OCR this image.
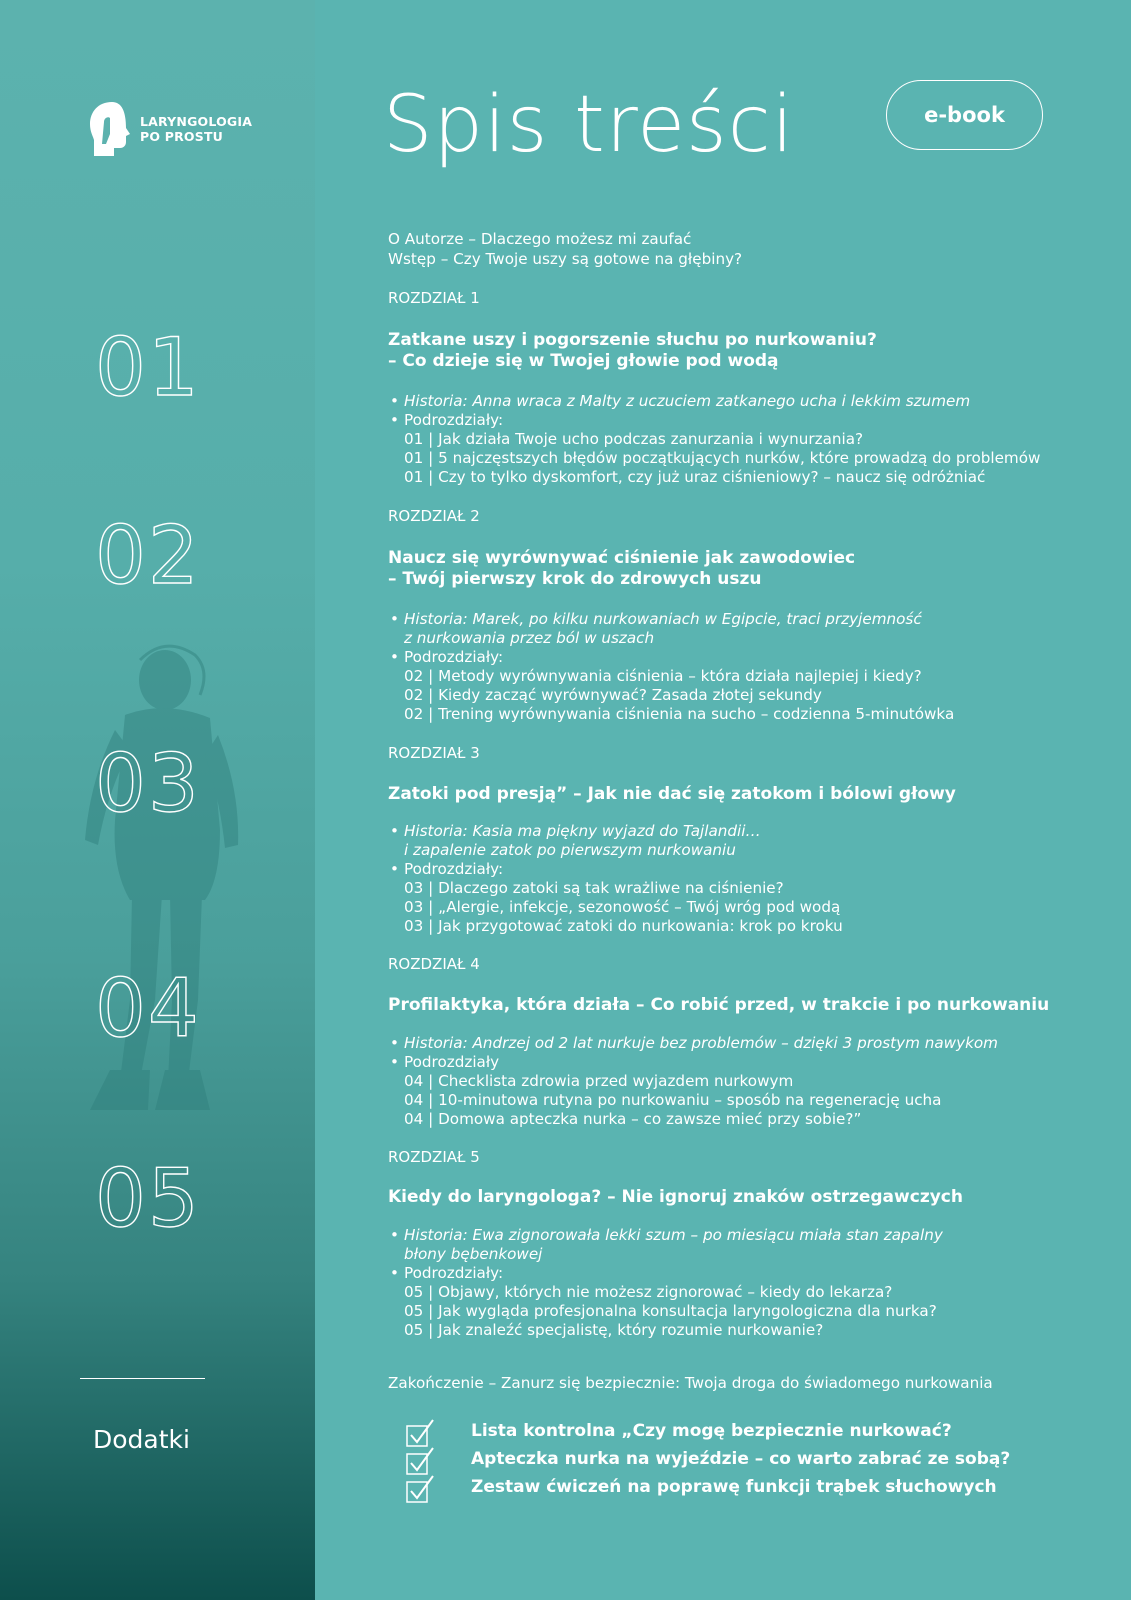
LARYNGOLOGIA
PO PROSTU
01
02
03
04
05
Dodatki
Spis treści	e-book
O Autorze – Dlaczego możesz mi zaufać
Wstęp – Czy Twoje uszy są gotowe na głębiny?
ROZDZIAŁ 1
Zatkane uszy i pogorszenie słuchu po nurkowaniu?
– Co dzieje się w Twojej głowie pod wodą
• Historia: Anna wraca z Malty z uczuciem zatkanego ucha i lekkim szumem
• Podrozdziały:
01 | Jak działa Twoje ucho podczas zanurzania i wynurzania?
01 | 5 najczęstszych błędów początkujących nurków, które prowadzą do problemów
01 | Czy to tylko dyskomfort, czy już uraz ciśnieniowy? – naucz się odróżniać
ROZDZIAŁ 2
Naucz się wyrównywać ciśnienie jak zawodowiec
– Twój pierwszy krok do zdrowych uszu
• Historia: Marek, po kilku nurkowaniach w Egipcie, traci przyjemność
z nurkowania przez ból w uszach
• Podrozdziały:
02 | Metody wyrównywania ciśnienia – która działa najlepiej i kiedy?
02 | Kiedy zacząć wyrównywać? Zasada złotej sekundy
02 | Trening wyrównywania ciśnienia na sucho – codzienna 5-minutówka
ROZDZIAŁ 3
Zatoki pod presją” – Jak nie dać się zatokom i bólowi głowy
• Historia: Kasia ma piękny wyjazd do Tajlandii…
i zapalenie zatok po pierwszym nurkowaniu
• Podrozdziały:
03 | Dlaczego zatoki są tak wrażliwe na ciśnienie?
03 | „Alergie, infekcje, sezonowość – Twój wróg pod wodą
03 | Jak przygotować zatoki do nurkowania: krok po kroku
ROZDZIAŁ 4
Profilaktyka, która działa – Co robić przed, w trakcie i po nurkowaniu
• Historia: Andrzej od 2 lat nurkuje bez problemów – dzięki 3 prostym nawykom
• Podrozdziały
04 | Checklista zdrowia przed wyjazdem nurkowym
04 | 10-minutowa rutyna po nurkowaniu – sposób na regenerację ucha
04 | Domowa apteczka nurka – co zawsze mieć przy sobie?”
ROZDZIAŁ 5
Kiedy do laryngologa? – Nie ignoruj znaków ostrzegawczych
• Historia: Ewa zignorowała lekki szum – po miesiącu miała stan zapalny
błony bębenkowej
• Podrozdziały:
05 | Objawy, których nie możesz zignorować – kiedy do lekarza?
05 | Jak wygląda profesjonalna konsultacja laryngologiczna dla nurka?
05 | Jak znaleźć specjalistę, który rozumie nurkowanie?
Zakończenie – Zanurz się bezpiecznie: Twoja droga do świadomego nurkowania
Lista kontrolna „Czy mogę bezpiecznie nurkować?
Apteczka nurka na wyjeździe – co warto zabrać ze sobą?
Zestaw ćwiczeń na poprawę funkcji trąbek słuchowych
